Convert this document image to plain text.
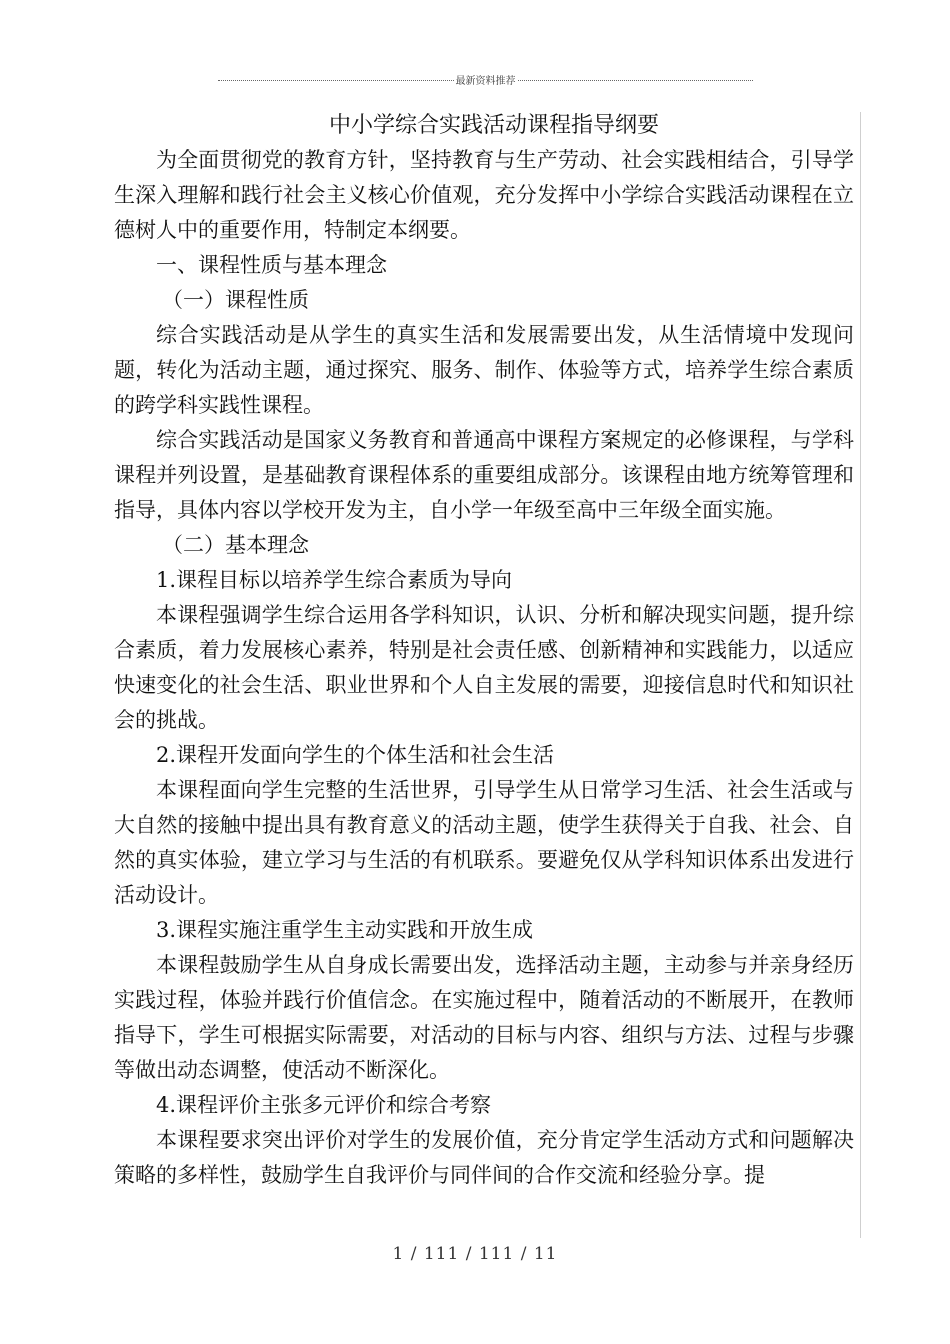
最新资料推荐

中小学综合实践活动课程指导纲要

为全面贯彻党的教育方针，坚持教育与生产劳动、社会实践相结合，引导学生深入理解和践行社会主义核心价值观，充分发挥中小学综合实践活动课程在立德树人中的重要作用，特制定本纲要。

一、课程性质与基本理念

（一）课程性质

综合实践活动是从学生的真实生活和发展需要出发，从生活情境中发现问题，转化为活动主题，通过探究、服务、制作、体验等方式，培养学生综合素质的跨学科实践性课程。

综合实践活动是国家义务教育和普通高中课程方案规定的必修课程，与学科课程并列设置，是基础教育课程体系的重要组成部分。该课程由地方统筹管理和指导，具体内容以学校开发为主，自小学一年级至高中三年级全面实施。

（二）基本理念

1.课程目标以培养学生综合素质为导向

本课程强调学生综合运用各学科知识，认识、分析和解决现实问题，提升综合素质，着力发展核心素养，特别是社会责任感、创新精神和实践能力，以适应快速变化的社会生活、职业世界和个人自主发展的需要，迎接信息时代和知识社会的挑战。

2.课程开发面向学生的个体生活和社会生活

本课程面向学生完整的生活世界，引导学生从日常学习生活、社会生活或与大自然的接触中提出具有教育意义的活动主题，使学生获得关于自我、社会、自然的真实体验，建立学习与生活的有机联系。要避免仅从学科知识体系出发进行活动设计。

3.课程实施注重学生主动实践和开放生成

本课程鼓励学生从自身成长需要出发，选择活动主题，主动参与并亲身经历实践过程，体验并践行价值信念。在实施过程中，随着活动的不断展开，在教师指导下，学生可根据实际需要，对活动的目标与内容、组织与方法、过程与步骤等做出动态调整，使活动不断深化。

4.课程评价主张多元评价和综合考察

本课程要求突出评价对学生的发展价值，充分肯定学生活动方式和问题解决策略的多样性，鼓励学生自我评价与同伴间的合作交流和经验分享。提

1 / 111 / 111 / 11
